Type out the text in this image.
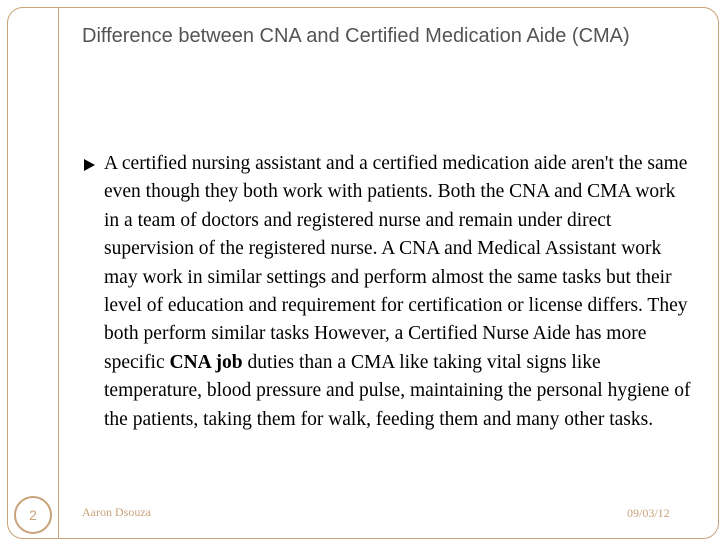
Difference between CNA and Certified Medication Aide (CMA)
A certified nursing assistant and a certified medication aide aren't the same even though they both work with patients. Both the CNA and CMA work in a team of doctors and registered nurse and remain under direct supervision of the registered nurse. A CNA and Medical Assistant work may work in similar settings and perform almost the same tasks but their level of education and requirement for certification or license differs. They both perform similar tasks However, a Certified Nurse Aide has more specific CNA job duties than a CMA like taking vital signs like temperature, blood pressure and pulse, maintaining the personal hygiene of the patients, taking them for walk, feeding them and many other tasks.
2	Aaron Dsouza	09/03/12
